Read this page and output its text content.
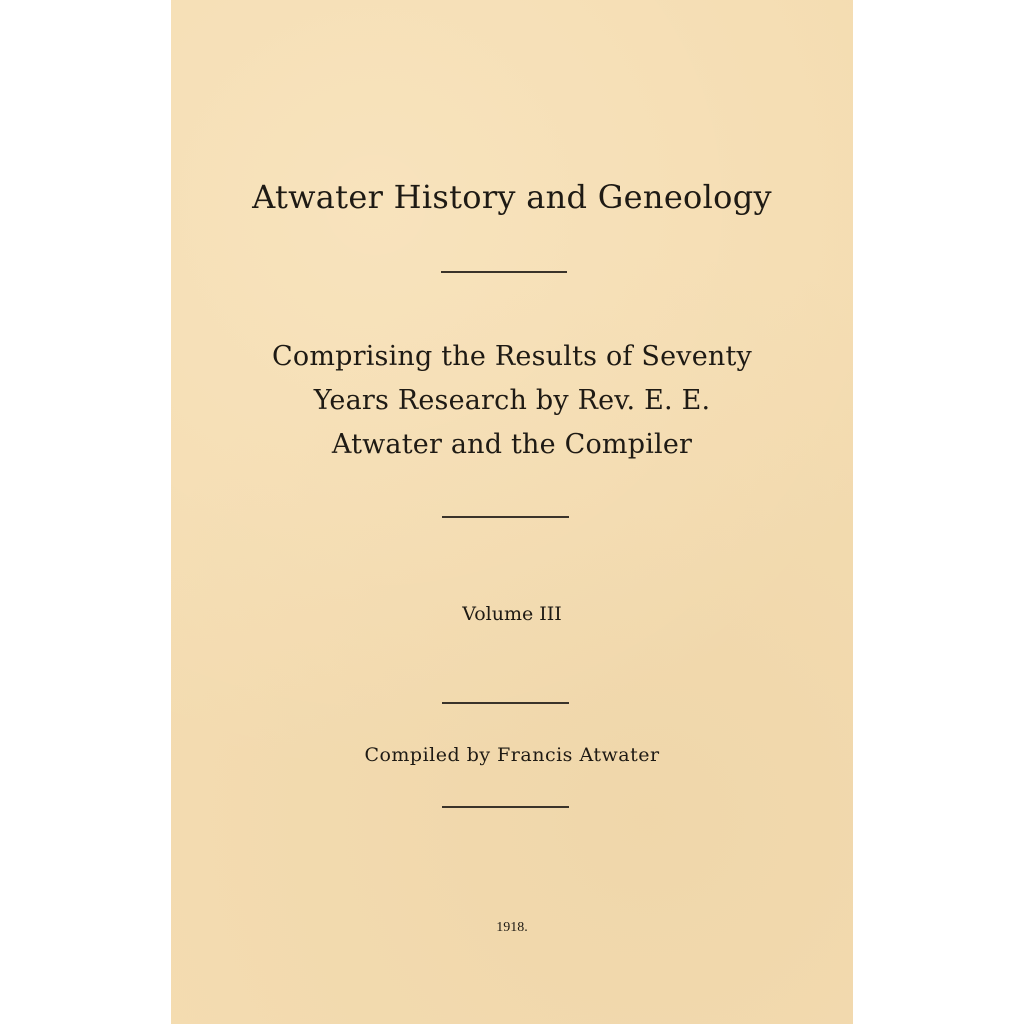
Atwater History and Geneology
Comprising the Results of Seventy
Years Research by Rev. E. E.
Atwater and the Compiler
Volume III
Compiled by Francis Atwater
1918.
